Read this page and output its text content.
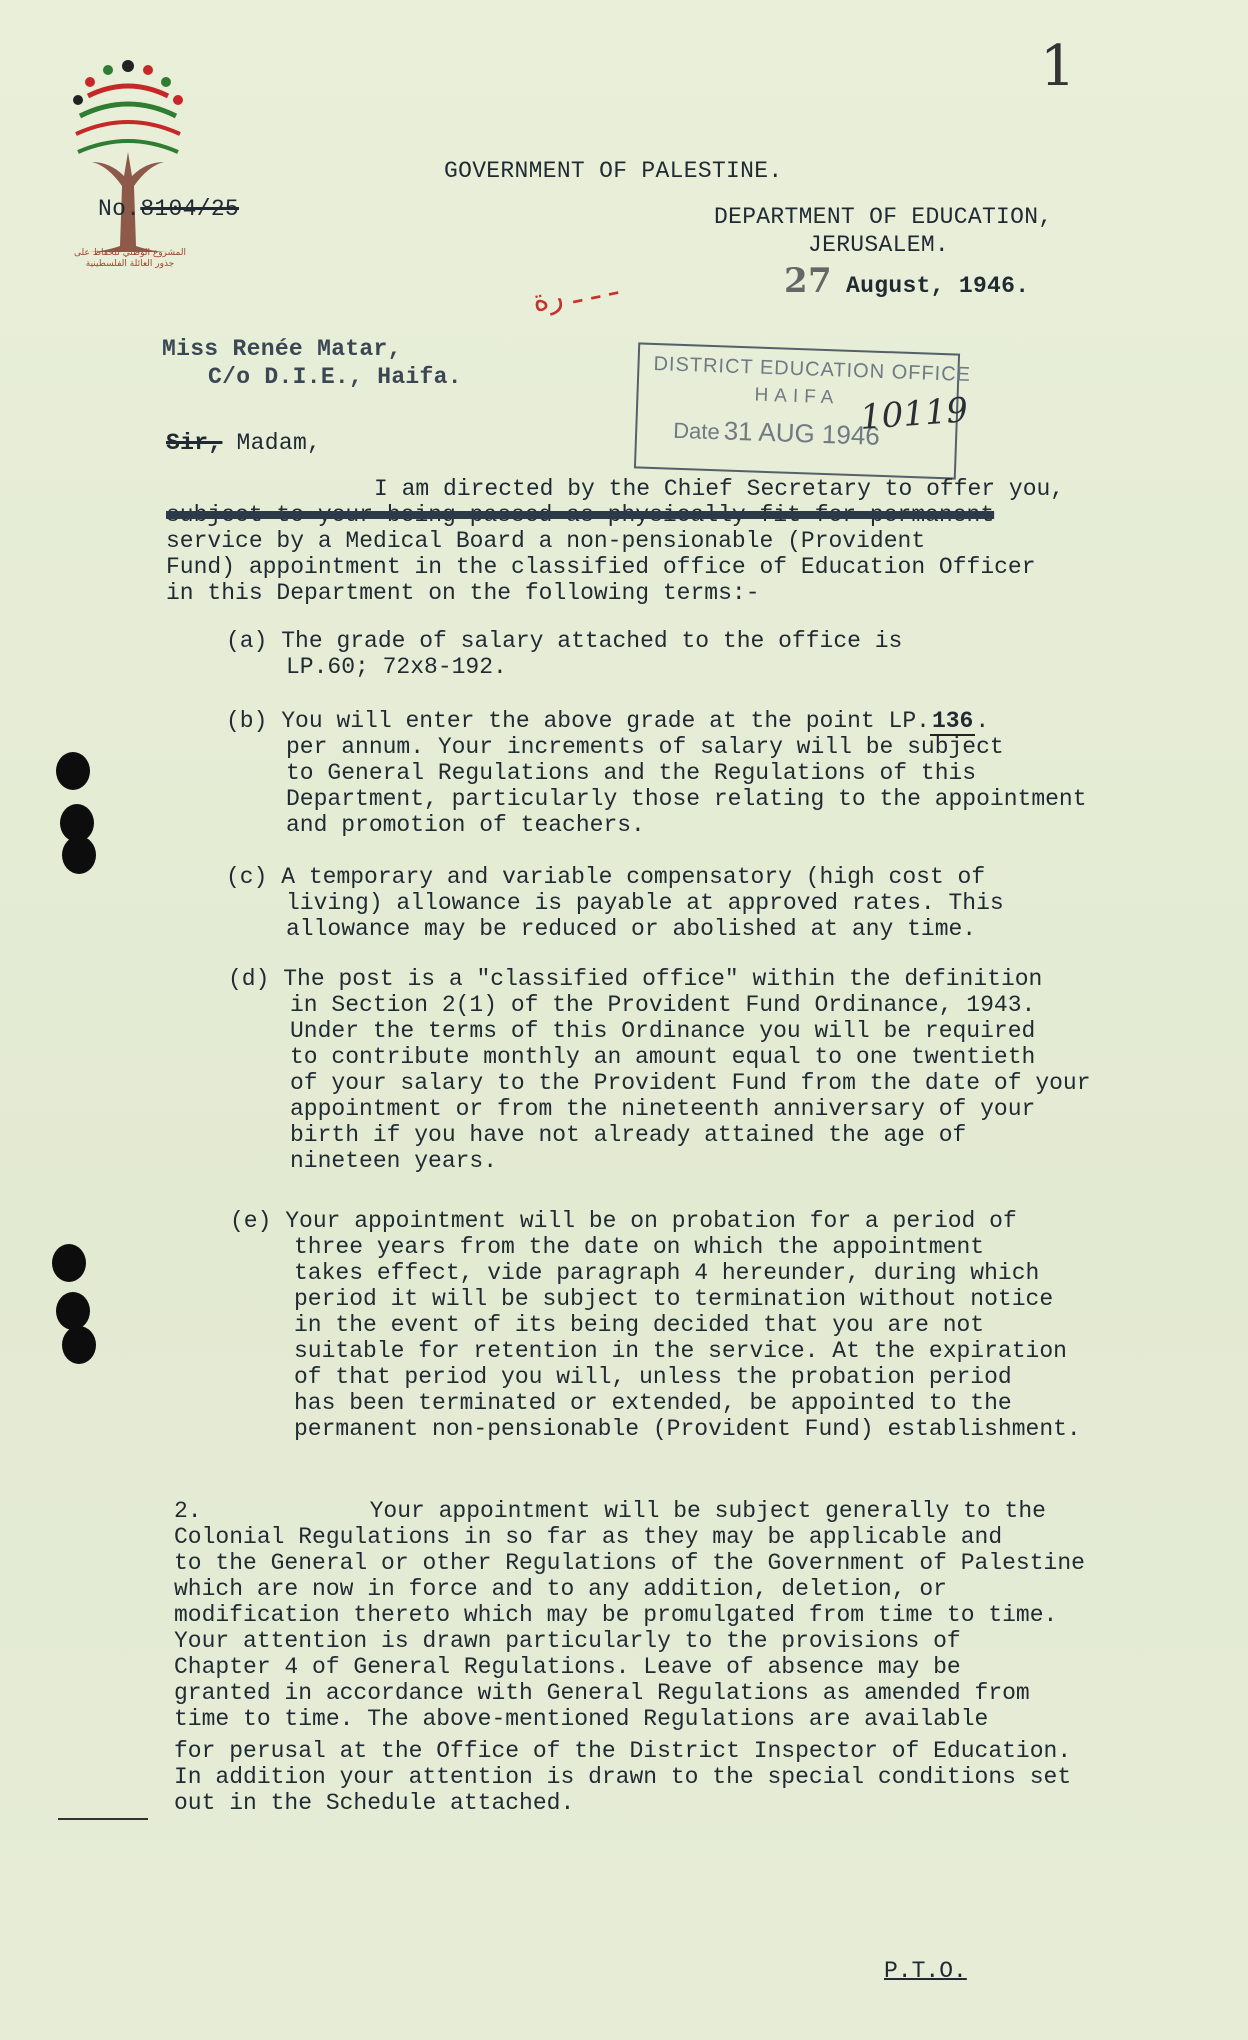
المشروع الوطني للحفاظ على
جذور العائلة الفلسطينية
1
GOVERNMENT OF PALESTINE.
No.8104/25	DEPARTMENT OF EDUCATION,
JERUSALEM.
27 August, 1946.
ـ ـ ـ رة
Miss Renée Matar,
C/o D.I.E., Haifa.	DISTRICT EDUCATION OFFICE
HAIFA
Date 31 AUG 1946
10119
Sir, Madam,
I am directed by the Chief Secretary to offer you,
subject to your being passed as physically fit for permanent
service by a Medical Board a non-pensionable (Provident
Fund) appointment in the classified office of Education Officer
in this Department on the following terms:-
(a) The grade of salary attached to the office is
LP.60; 72x8-192.
(b) You will enter the above grade at the point LP.136.
per annum. Your increments of salary will be subject
to General Regulations and the Regulations of this
Department, particularly those relating to the appointment
and promotion of teachers.
(c) A temporary and variable compensatory (high cost of
living) allowance is payable at approved rates. This
allowance may be reduced or abolished at any time.
(d) The post is a "classified office" within the definition
in Section 2(1) of the Provident Fund Ordinance, 1943.
Under the terms of this Ordinance you will be required
to contribute monthly an amount equal to one twentieth
of your salary to the Provident Fund from the date of your
appointment or from the nineteenth anniversary of your
birth if you have not already attained the age of
nineteen years.
(e) Your appointment will be on probation for a period of
three years from the date on which the appointment
takes effect, vide paragraph 4 hereunder, during which
period it will be subject to termination without notice
in the event of its being decided that you are not
suitable for retention in the service. At the expiration
of that period you will, unless the probation period
has been terminated or extended, be appointed to the
permanent non-pensionable (Provident Fund) establishment.
2.	Your appointment will be subject generally to the
Colonial Regulations in so far as they may be applicable and
to the General or other Regulations of the Government of Palestine
which are now in force and to any addition, deletion, or
modification thereto which may be promulgated from time to time.
Your attention is drawn particularly to the provisions of
Chapter 4 of General Regulations. Leave of absence may be
granted in accordance with General Regulations as amended from
time to time. The above-mentioned Regulations are available
for perusal at the Office of the District Inspector of Education.
In addition your attention is drawn to the special conditions set
out in the Schedule attached.
P.T.O.
